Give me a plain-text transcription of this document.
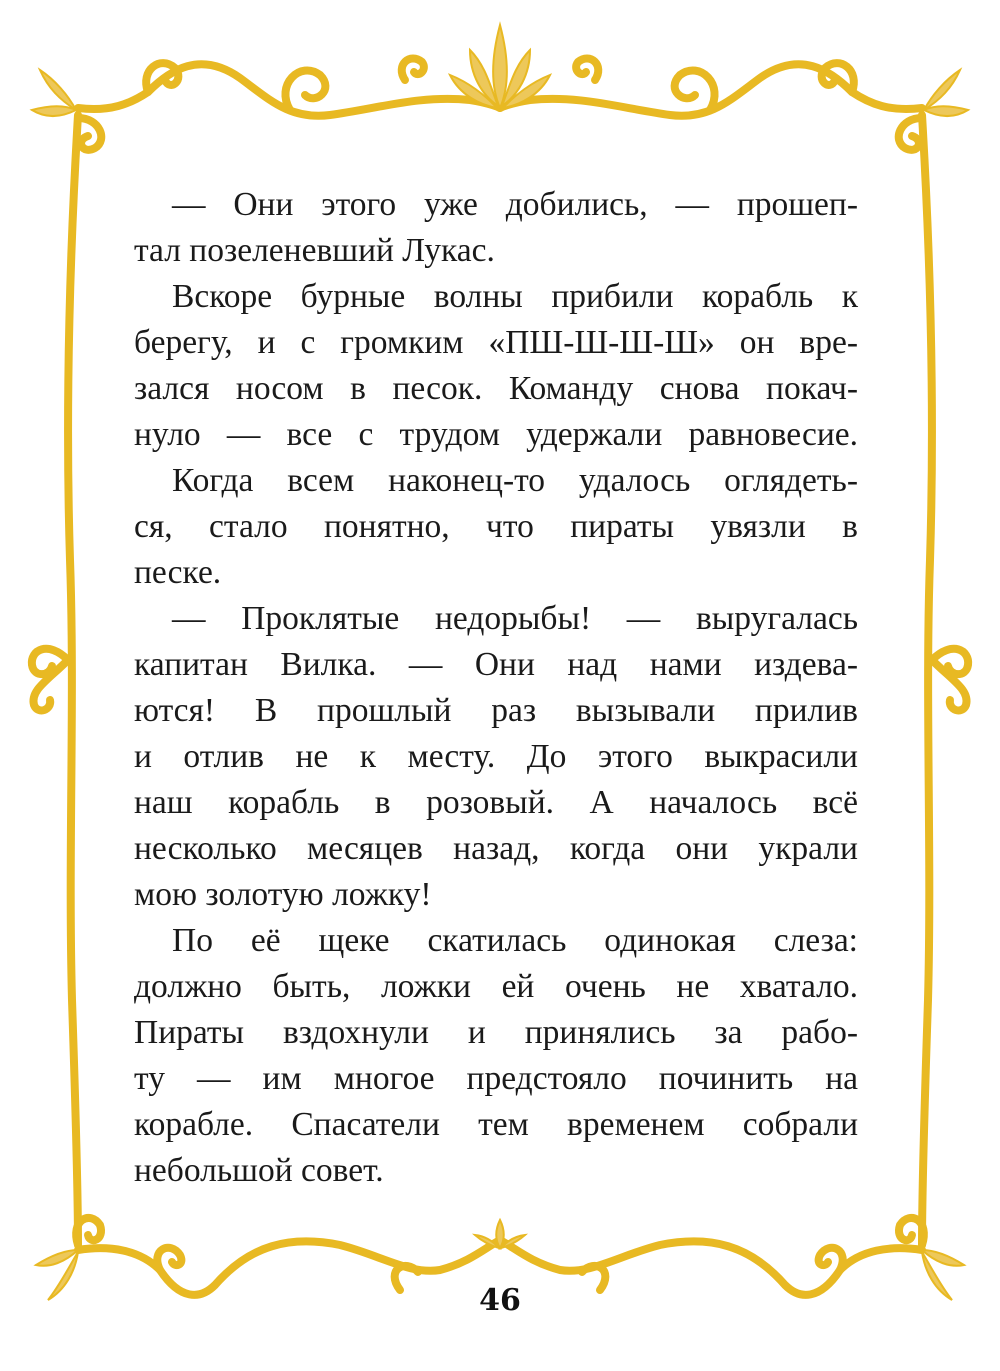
— Они этого уже добились, — прошеп-
тал позеленевший Лукас.
Вскоре бурные волны прибили корабль к
берегу, и с громким «ПШ-Ш-Ш-Ш» он вре-
зался носом в песок. Команду снова покач-
нуло — все с трудом удержали равновесие.
Когда всем наконец-то удалось оглядеть-
ся, стало понятно, что пираты увязли в
песке.
— Проклятые недорыбы! — выругалась
капитан Вилка. — Они над нами издева-
ются! В прошлый раз вызывали прилив
и отлив не к месту. До этого выкрасили
наш корабль в розовый. А началось всё
несколько месяцев назад, когда они украли
мою золотую ложку!
По её щеке скатилась одинокая слеза:
должно быть, ложки ей очень не хватало.
Пираты вздохнули и принялись за рабо-
ту — им многое предстояло починить на
корабле. Спасатели тем временем собрали
небольшой совет.
46
